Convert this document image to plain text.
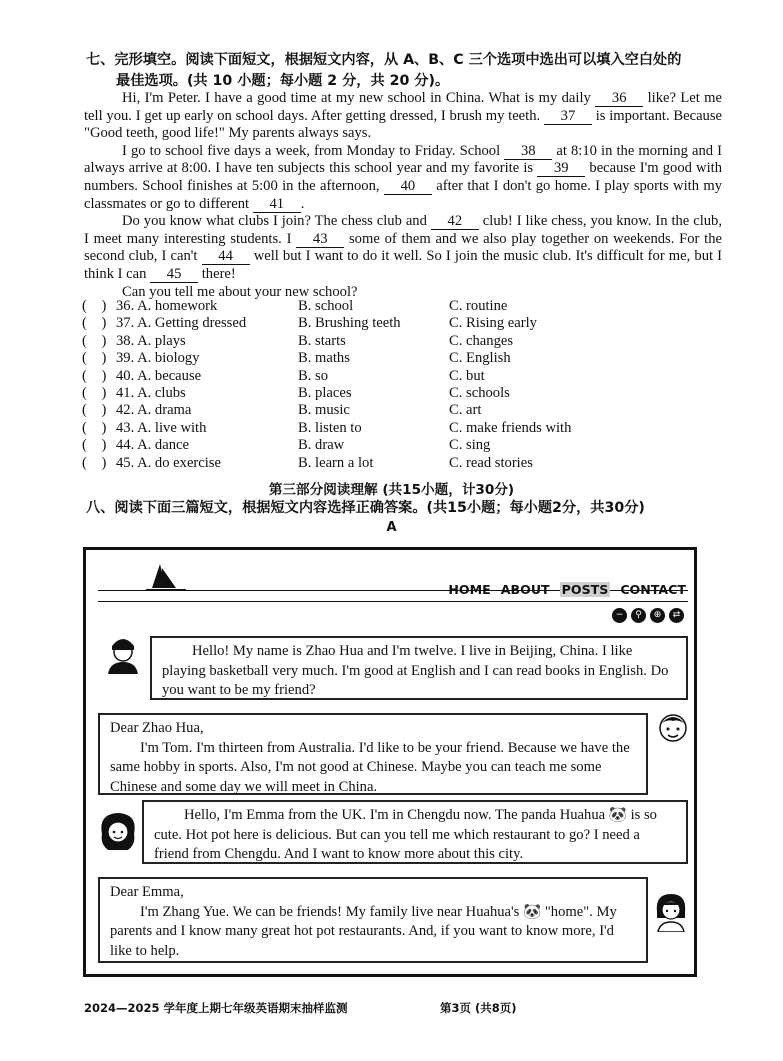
七、完形填空。阅读下面短文，根据短文内容，从 A、B、C 三个选项中选出可以填入空白处的
最佳选项。(共 10 小题；每小题 2 分，共 20 分)。

Hi, I'm Peter. I have a good time at my new school in China. What is my daily 36 like? Let me tell you. I get up early on school days. After getting dressed, I brush my teeth. 37 is important. Because "Good teeth, good life!" My parents always says.

I go to school five days a week, from Monday to Friday. School 38 at 8:10 in the morning and I always arrive at 8:00. I have ten subjects this school year and my favorite is 39 because I'm good with numbers. School finishes at 5:00 in the afternoon, 40 after that I don't go home. I play sports with my classmates or go to different 41 .

Do you know what clubs I join? The chess club and 42 club! I like chess, you know. In the club, I meet many interesting students. I 43 some of them and we also play together on weekends. For the second club, I can't 44 well but I want to do it well. So I join the music club. It's difficult for me, but I think I can 45 there!

Can you tell me about your new school?

(　) 36. A. homework	B. school	C. routine
(　) 37. A. Getting dressed	B. Brushing teeth	C. Rising early
(　) 38. A. plays	B. starts	C. changes
(　) 39. A. biology	B. maths	C. English
(　) 40. A. because	B. so	C. but
(　) 41. A. clubs	B. places	C. schools
(　) 42. A. drama	B. music	C. art
(　) 43. A. live with	B. listen to	C. make friends with
(　) 44. A. dance	B. draw	C. sing
(　) 45. A. do exercise	B. learn a lot	C. read stories
第三部分阅读理解 (共15小题，计30分)
八、阅读下面三篇短文，根据短文内容选择正确答案。(共15小题；每小题2分，共30分)
A
HOME ABOUT POSTS CONTACT
−	⚲	⊕	⇄

Hello! My name is Zhao Hua and I'm twelve. I live in Beijing, China. I like playing basketball very much. I'm good at English and I can read books in English. Do you want to be my friend?

Dear Zhao Hua,

I'm Tom. I'm thirteen from Australia. I'd like to be your friend. Because we have the same hobby in sports. Also, I'm not good at Chinese. Maybe you can teach me some Chinese and some day we will meet in China.

Hello, I'm Emma from the UK. I'm in Chengdu now. The panda Huahua 🐼 is so cute. Hot pot here is delicious. But can you tell me which restaurant to go? I need a friend from Chengdu. And I want to know more about this city.

Dear Emma,

I'm Zhang Yue. We can be friends! My family live near Huahua's 🐼 "home". My parents and I know many great hot pot restaurants. And, if you want to know more, I'd like to help.

2024—2025 学年度上期七年级英语期末抽样监测	第3页 (共8页)
